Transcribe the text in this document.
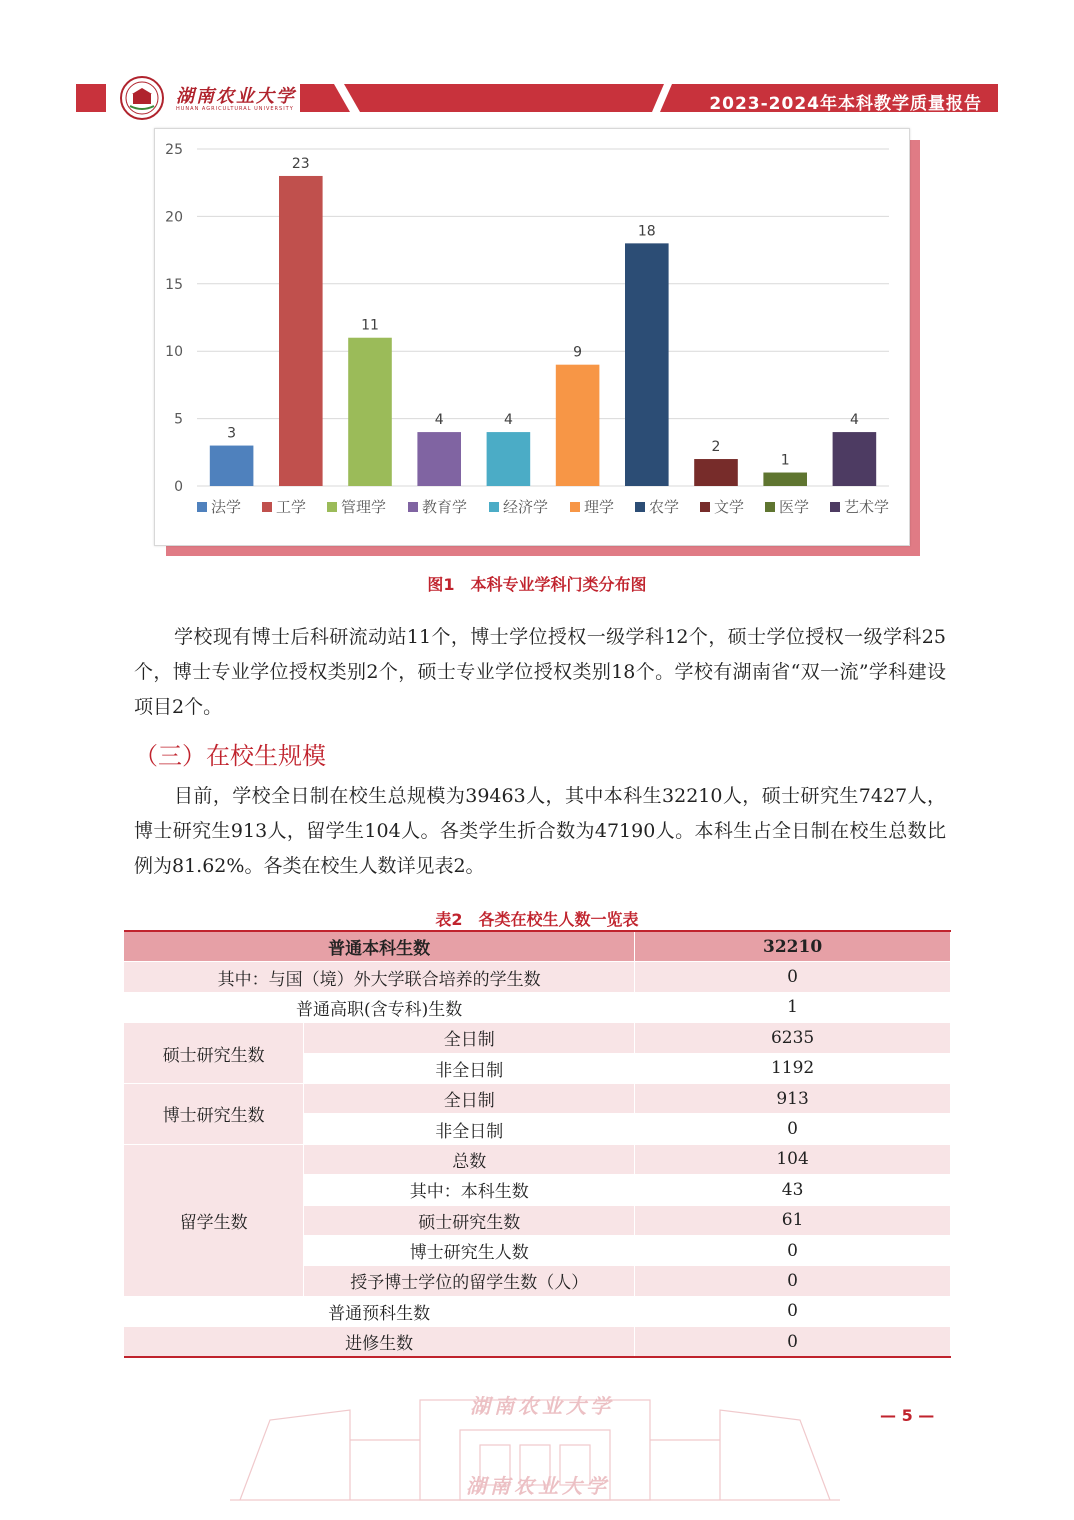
湖南农业大学
HUNAN AGRICULTURAL UNIVERSITY	2023-2024年本科教学质量报告
0
5
10
15
20
25
3
23
11
4	4
9
18
2
1
4
法学 工学 管理学 教育学 经济学 理学 农学 文学 医学 艺术学
图1　本科专业学科门类分布图

学校现有博士后科研流动站11个，博士学位授权一级学科12个，硕士学位授权一级学科25个，博士专业学位授权类别2个，硕士专业学位授权类别18个。学校有湖南省“双一流”学科建设项目2个。

（三）在校生规模

目前，学校全日制在校生总规模为39463人，其中本科生32210人，硕士研究生7427人，博士研究生913人，留学生104人。各类学生折合数为47190人。本科生占全日制在校生总数比例为81.62%。各类在校生人数详见表2。

表2　各类在校生人数一览表
普通本科生数		32210
其中：与国（境）外大学联合培养的学生数		0
普通高职(含专科)生数		1
硕士研究生数	全日制	6235
	非全日制	1192
博士研究生数	全日制	913
	非全日制	0
留学生数	总数	104
	其中：本科生数	43
	硕士研究生数	61
	博士研究生人数	0
	授予博士学位的留学生数（人）	0
普通预科生数		0
进修生数		0
湖南农业大学
湖南农业大学
— 5 —
